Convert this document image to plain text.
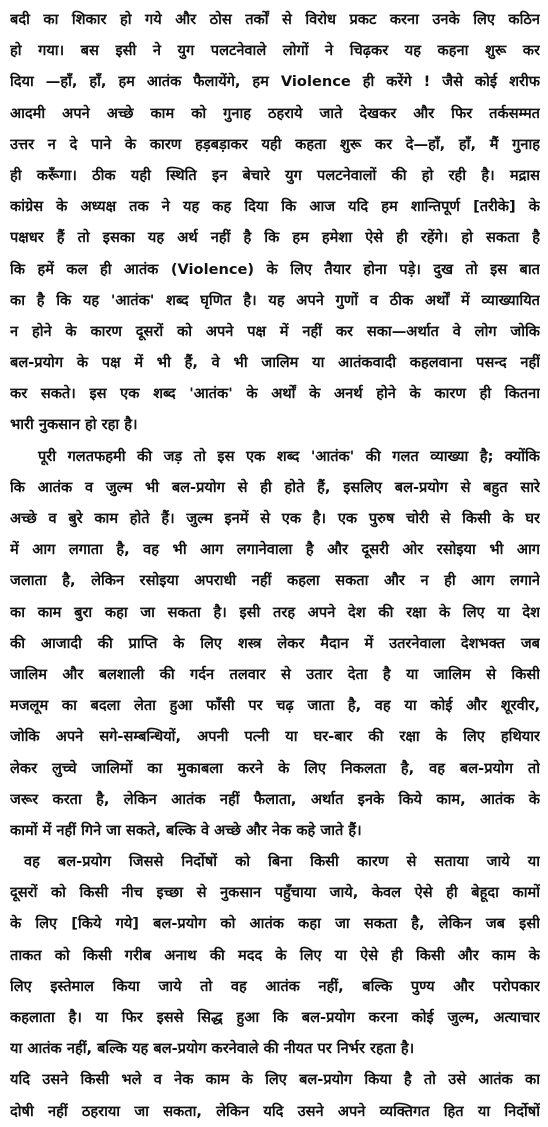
बदी का शिकार हो गये और ठोस तर्कों से विरोध प्रकट करना उनके लिए कठिन
हो गया। बस इसी ने युग पलटनेवाले लोगों ने चिढ़कर यह कहना शुरू कर
दिया —हाँ, हाँ, हम आतंक फैलायेंगे, हम Violence ही करेंगे ! जैसे कोई शरीफ
आदमी अपने अच्छे काम को गुनाह ठहराये जाते देखकर और फिर तर्कसम्मत
उत्तर न दे पाने के कारण हड़बड़ाकर यही कहता शुरू कर दे—हाँ, हाँ, मैं गुनाह
ही करूँगा। ठीक यही स्थिति इन बेचारे युग पलटनेवालों की हो रही है। मद्रास
कांग्रेस के अध्यक्ष तक ने यह कह दिया कि आज यदि हम शान्तिपूर्ण [तरीके] के
पक्षधर हैं तो इसका यह अर्थ नहीं है कि हम हमेशा ऐसे ही रहेंगे। हो सकता है
कि हमें कल ही आतंक (Violence) के लिए तैयार होना पड़े। दुख तो इस बात
का है कि यह 'आतंक' शब्द घृणित है। यह अपने गुणों व ठीक अर्थों में व्याख्यायित
न होने के कारण दूसरों को अपने पक्ष में नहीं कर सका—अर्थात वे लोग जोकि
बल-प्रयोग के पक्ष में भी हैं, वे भी जालिम या आतंकवादी कहलवाना पसन्द नहीं
कर सकते। इस एक शब्द 'आतंक' के अर्थों के अनर्थ होने के कारण ही कितना
भारी नुकसान हो रहा है।
पूरी गलतफहमी की जड़ तो इस एक शब्द 'आतंक' की गलत व्याख्या है; क्योंकि
कि आतंक व जुल्म भी बल-प्रयोग से ही होते हैं, इसलिए बल-प्रयोग से बहुत सारे
अच्छे व बुरे काम होते हैं। जुल्म इनमें से एक है। एक पुरुष चोरी से किसी के घर
में आग लगाता है, वह भी आग लगानेवाला है और दूसरी ओर रसोइया भी आग
जलाता है, लेकिन रसोइया अपराधी नहीं कहला सकता और न ही आग लगाने
का काम बुरा कहा जा सकता है। इसी तरह अपने देश की रक्षा के लिए या देश
की आजादी की प्राप्ति के लिए शस्त्र लेकर मैदान में उतरनेवाला देशभक्त जब
जालिम और बलशाली की गर्दन तलवार से उतार देता है या जालिम से किसी
मजलूम का बदला लेता हुआ फाँसी पर चढ़ जाता है, वह या कोई और शूरवीर,
जोकि अपने सगे-सम्बन्धियों, अपनी पत्नी या घर-बार की रक्षा के लिए हथियार
लेकर लुच्चे जालिमों का मुकाबला करने के लिए निकलता है, वह बल-प्रयोग तो
जरूर करता है, लेकिन आतंक नहीं फैलाता, अर्थात इनके किये काम, आतंक के
कामों में नहीं गिने जा सकते, बल्कि वे अच्छे और नेक कहे जाते हैं।
वह बल-प्रयोग जिससे निर्दोषों को बिना किसी कारण से सताया जाये या
दूसरों को किसी नीच इच्छा से नुकसान पहुँचाया जाये, केवल ऐसे ही बेहूदा कामों
के लिए [किये गये] बल-प्रयोग को आतंक कहा जा सकता है, लेकिन जब इसी
ताकत को किसी गरीब अनाथ की मदद के लिए या ऐसे ही किसी और काम के
लिए इस्तेमाल किया जाये तो वह आतंक नहीं, बल्कि पुण्य और परोपकार
कहलाता है। या फिर इससे सिद्ध हुआ कि बल-प्रयोग करना कोई जुल्म, अत्याचार
या आतंक नहीं, बल्कि यह बल-प्रयोग करनेवाले की नीयत पर निर्भर रहता है।
यदि उसने किसी भले व नेक काम के लिए बल-प्रयोग किया है तो उसे आतंक का
दोषी नहीं ठहराया जा सकता, लेकिन यदि उसने अपने व्यक्तिगत हित या निर्दोषों
